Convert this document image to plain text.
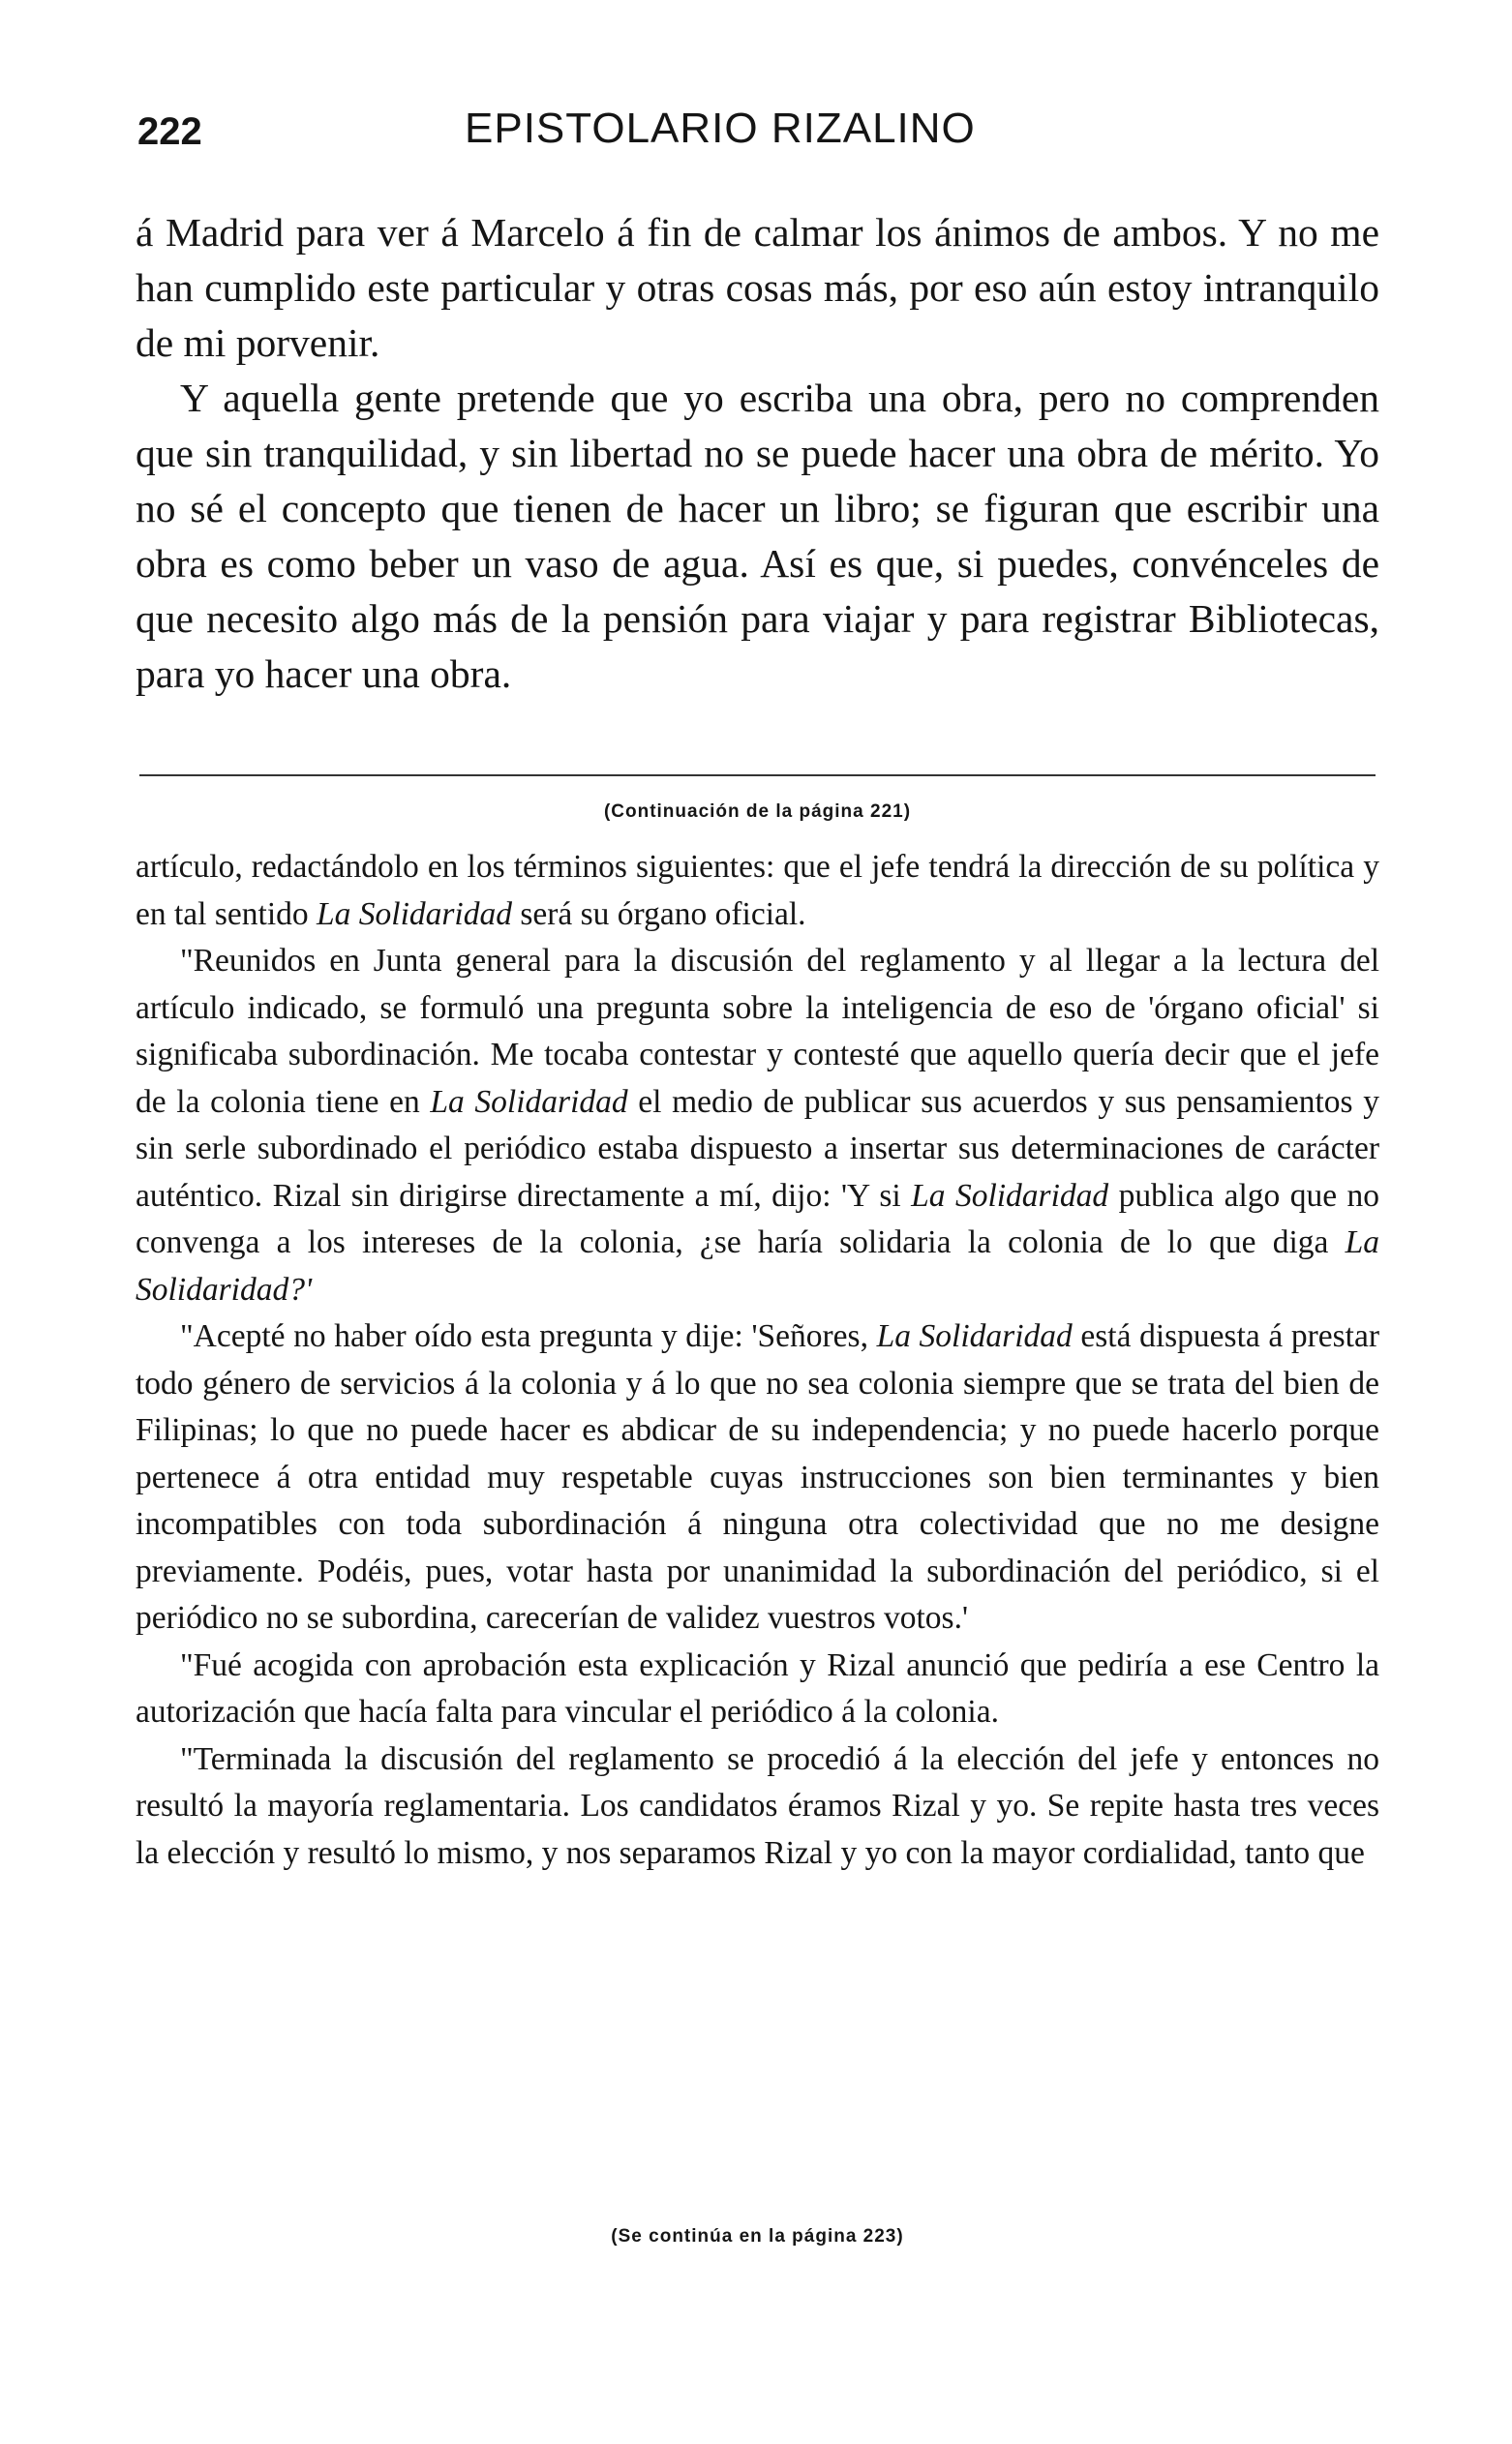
222	EPISTOLARIO RIZALINO

á Madrid para ver á Marcelo á fin de calmar los ánimos de ambos. Y no me han cumplido este particular y otras cosas más, por eso aún estoy intranquilo de mi porvenir.

Y aquella gente pretende que yo escriba una obra, pero no comprenden que sin tranquilidad, y sin libertad no se puede hacer una obra de mérito. Yo no sé el concepto que tienen de hacer un libro; se figuran que escribir una obra es como beber un vaso de agua. Así es que, si puedes, convénceles de que necesito algo más de la pensión para viajar y para registrar Bibliotecas, para yo hacer una obra.

(Continuación de la página 221)

artículo, redactándolo en los términos siguientes: que el jefe tendrá la dirección de su política y en tal sentido La Solidaridad será su órgano oficial.

"Reunidos en Junta general para la discusión del reglamento y al llegar a la lectura del artículo indicado, se formuló una pregunta sobre la inteligencia de eso de 'órgano oficial' si significaba subordinación. Me tocaba contestar y contesté que aquello quería decir que el jefe de la colonia tiene en La Solidaridad el medio de publicar sus acuerdos y sus pensamientos y sin serle subordinado el periódico estaba dispuesto a insertar sus determinaciones de carácter auténtico. Rizal sin dirigirse directamente a mí, dijo: 'Y si La Solidaridad publica algo que no convenga a los intereses de la colonia, ¿se haría solidaria la colonia de lo que diga La Solidaridad?'

"Acepté no haber oído esta pregunta y dije: 'Señores, La Solidaridad está dispuesta á prestar todo género de servicios á la colonia y á lo que no sea colonia siempre que se trata del bien de Filipinas; lo que no puede hacer es abdicar de su independencia; y no puede hacerlo porque pertenece á otra entidad muy respetable cuyas instrucciones son bien terminantes y bien incompatibles con toda subordinación á ninguna otra colectividad que no me designe previamente. Podéis, pues, votar hasta por unanimidad la subordinación del periódico, si el periódico no se subordina, carecerían de validez vuestros votos.'

"Fué acogida con aprobación esta explicación y Rizal anunció que pediría a ese Centro la autorización que hacía falta para vincular el periódico á la colonia.

"Terminada la discusión del reglamento se procedió á la elección del jefe y entonces no resultó la mayoría reglamentaria. Los candidatos éramos Rizal y yo. Se repite hasta tres veces la elección y resultó lo mismo, y nos separamos Rizal y yo con la mayor cordialidad, tanto que

(Se continúa en la página 223)
